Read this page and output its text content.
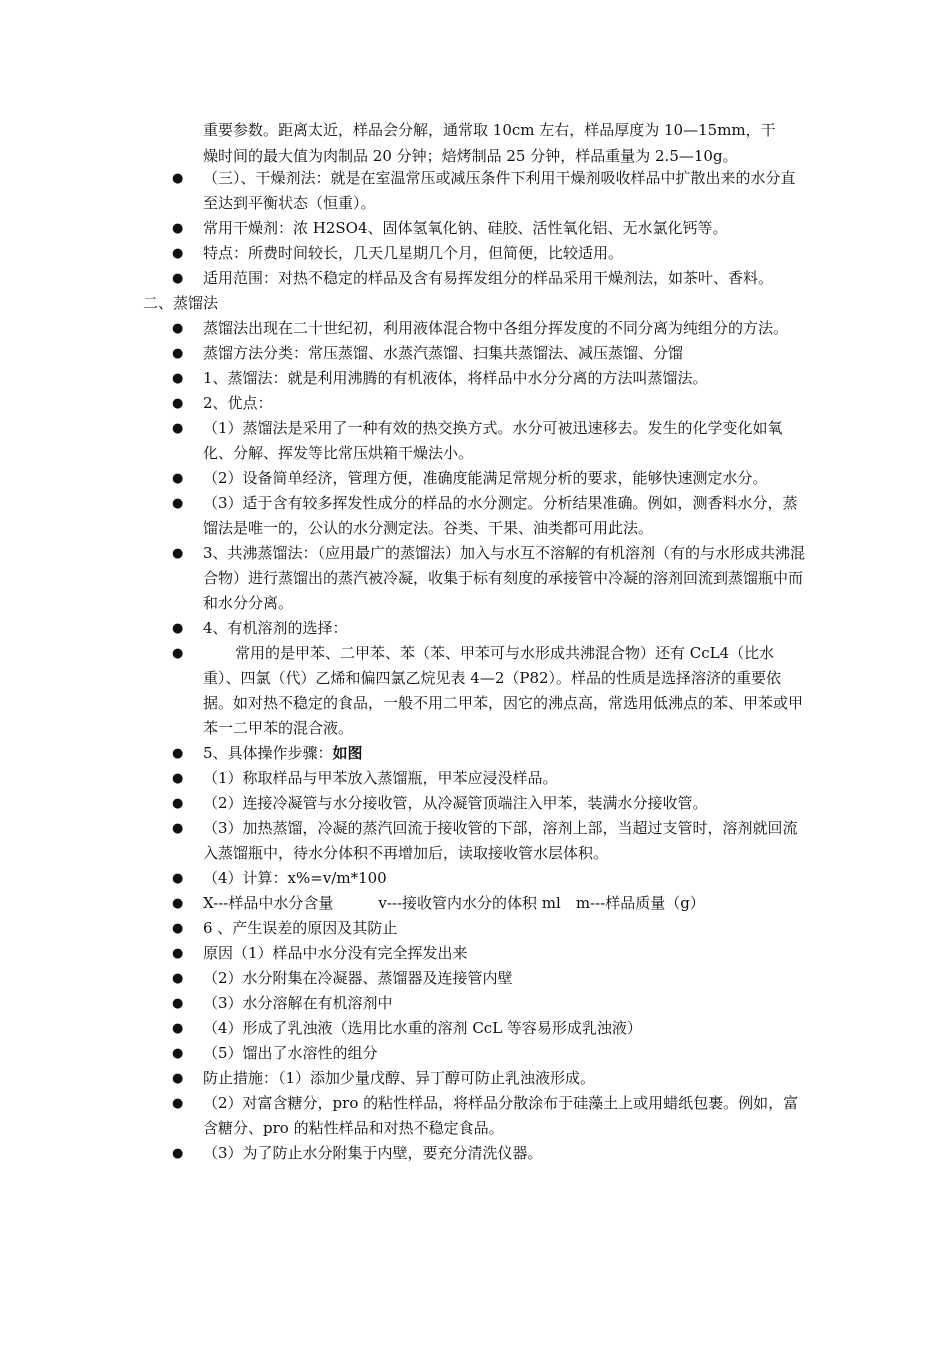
重要参数。距离太近，样品会分解，通常取 10cm 左右，样品厚度为 10—15mm，干

燥时间的最大值为肉制品 20 分钟；焙烤制品 25 分钟，样品重量为 2.5—10g。

● （三）、干燥剂法：就是在室温常压或减压条件下利用干燥剂吸收样品中扩散出来的水分直至达到平衡状态（恒重）。

● 常用干燥剂：浓 H2SO4、固体氢氧化钠、硅胶、活性氧化铝、无水氯化钙等。

● 特点：所费时间较长，几天几星期几个月，但简便，比较适用。

● 适用范围：对热不稳定的样品及含有易挥发组分的样品采用干燥剂法，如茶叶、香料。

二、蒸馏法

● 蒸馏法出现在二十世纪初，利用液体混合物中各组分挥发度的不同分离为纯组分的方法。

● 蒸馏方法分类：常压蒸馏、水蒸汽蒸馏、扫集共蒸馏法、减压蒸馏、分馏

● 1、蒸馏法：就是利用沸腾的有机液体，将样品中水分分离的方法叫蒸馏法。

● 2、优点：

● （1）蒸馏法是采用了一种有效的热交换方式。水分可被迅速移去。发生的化学变化如氧化、分解、挥发等比常压烘箱干燥法小。

● （2）设备简单经济，管理方便，准确度能满足常规分析的要求，能够快速测定水分。

● （3）适于含有较多挥发性成分的样品的水分测定。分析结果准确。例如，测香料水分，蒸馏法是唯一的，公认的水分测定法。谷类、干果、油类都可用此法。

● 3、共沸蒸馏法：（应用最广的蒸馏法）加入与水互不溶解的有机溶剂（有的与水形成共沸混合物）进行蒸馏出的蒸汽被冷凝，收集于标有刻度的承接管中冷凝的溶剂回流到蒸馏瓶中而和水分分离。

● 4、有机溶剂的选择：

● 常用的是甲苯、二甲苯、苯（苯、甲苯可与水形成共沸混合物）还有 CcL4（比水重）、四氯（代）乙烯和偏四氯乙烷见表 4—2（P82）。样品的性质是选择溶济的重要依据。如对热不稳定的食品，一般不用二甲苯，因它的沸点高，常选用低沸点的苯、甲苯或甲苯一二甲苯的混合液。

● 5、具体操作步骤：如图

● （1）称取样品与甲苯放入蒸馏瓶，甲苯应浸没样品。

● （2）连接冷凝管与水分接收管，从冷凝管顶端注入甲苯，装满水分接收管。

● （3）加热蒸馏，冷凝的蒸汽回流于接收管的下部，溶剂上部，当超过支管时，溶剂就回流入蒸馏瓶中，待水分体积不再增加后，读取接收管水层体积。

● （4）计算：x%=v/m*100

● X---样品中水分含量　　　v---接收管内水分的体积 ml　m---样品质量（g）

● 6 、产生误差的原因及其防止

● 原因（1）样品中水分没有完全挥发出来

● （2）水分附集在冷凝器、蒸馏器及连接管内壁

● （3）水分溶解在有机溶剂中

● （4）形成了乳浊液（选用比水重的溶剂 CcL 等容易形成乳浊液）

● （5）馏出了水溶性的组分

● 防止措施：（1）添加少量戊醇、异丁醇可防止乳浊液形成。

● （2）对富含糖分，pro 的粘性样品，将样品分散涂布于硅藻土上或用蜡纸包裹。例如，富含糖分、pro 的粘性样品和对热不稳定食品。

● （3）为了防止水分附集于内壁，要充分清洗仪器。
